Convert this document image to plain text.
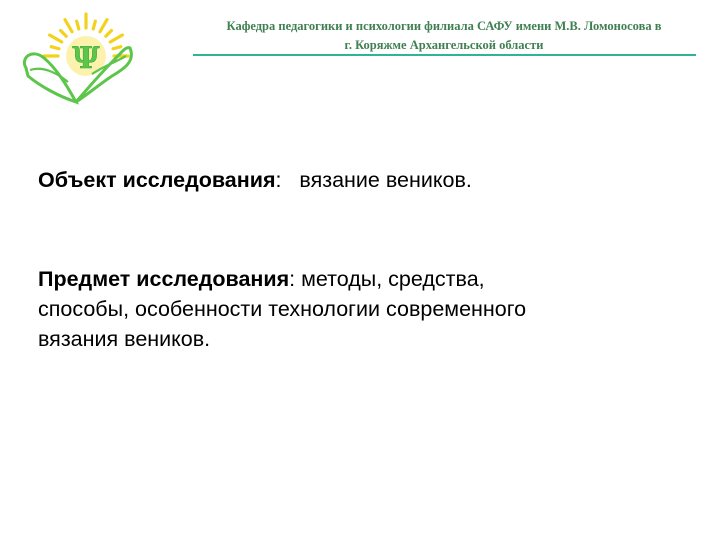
Ψ
Кафедра педагогики и психологии филиала САФУ имени М.В. Ломоносова в
г. Коряжме Архангельской области
Объект исследования: вязание веников.
Предмет исследования: методы, средства,
способы, особенности технологии современного
вязания веников.
